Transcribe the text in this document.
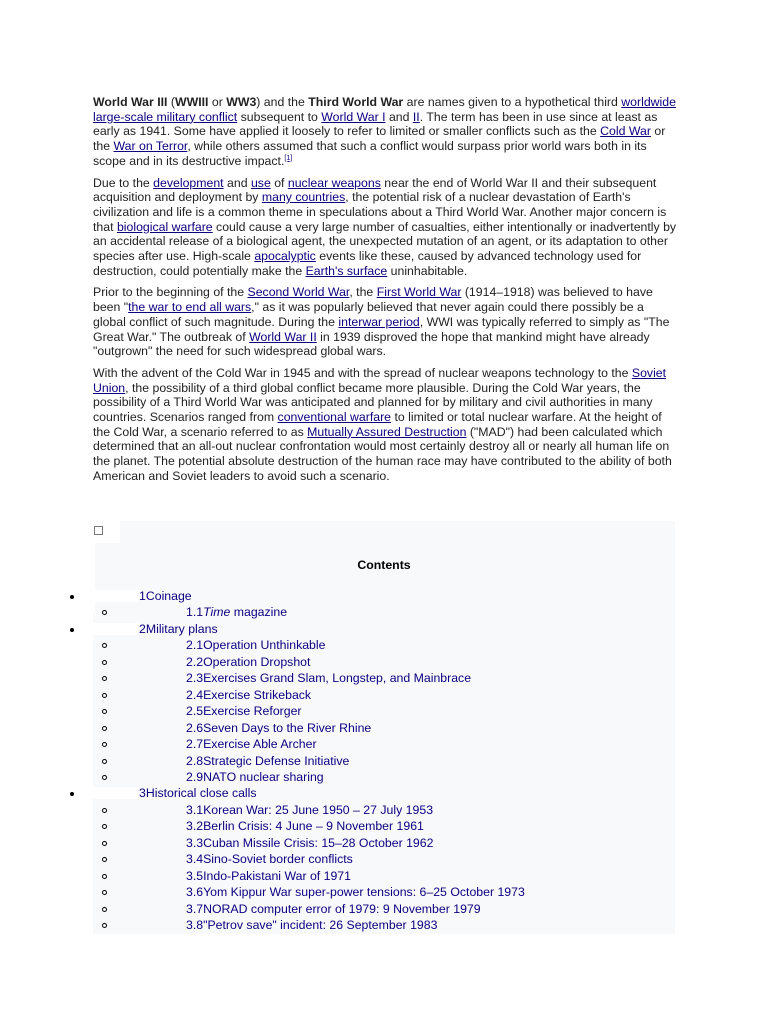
World War III (WWIII or WW3) and the Third World War are names given to a hypothetical third worldwide large-scale military conflict subsequent to World War I and II. The term has been in use since at least as early as 1941. Some have applied it loosely to refer to limited or smaller conflicts such as the Cold War or the War on Terror, while others assumed that such a conflict would surpass prior world wars both in its scope and in its destructive impact.[1]

Due to the development and use of nuclear weapons near the end of World War II and their subsequent acquisition and deployment by many countries, the potential risk of a nuclear devastation of Earth's civilization and life is a common theme in speculations about a Third World War. Another major concern is that biological warfare could cause a very large number of casualties, either intentionally or inadvertently by an accidental release of a biological agent, the unexpected mutation of an agent, or its adaptation to other species after use. High-scale apocalyptic events like these, caused by advanced technology used for destruction, could potentially make the Earth's surface uninhabitable.

Prior to the beginning of the Second World War, the First World War (1914–1918) was believed to have been "the war to end all wars," as it was popularly believed that never again could there possibly be a global conflict of such magnitude. During the interwar period, WWI was typically referred to simply as "The Great War." The outbreak of World War II in 1939 disproved the hope that mankind might have already "outgrown" the need for such widespread global wars.

With the advent of the Cold War in 1945 and with the spread of nuclear weapons technology to the Soviet Union, the possibility of a third global conflict became more plausible. During the Cold War years, the possibility of a Third World War was anticipated and planned for by military and civil authorities in many countries. Scenarios ranged from conventional warfare to limited or total nuclear warfare. At the height of the Cold War, a scenario referred to as Mutually Assured Destruction ("MAD") had been calculated which determined that an all-out nuclear confrontation would most certainly destroy all or nearly all human life on the planet. The potential absolute destruction of the human race may have contributed to the ability of both American and Soviet leaders to avoid such a scenario.

Contents
1Coinage
1.1Time magazine
2Military plans
2.1Operation Unthinkable
2.2Operation Dropshot
2.3Exercises Grand Slam, Longstep, and Mainbrace
2.4Exercise Strikeback
2.5Exercise Reforger
2.6Seven Days to the River Rhine
2.7Exercise Able Archer
2.8Strategic Defense Initiative
2.9NATO nuclear sharing
3Historical close calls
3.1Korean War: 25 June 1950 – 27 July 1953
3.2Berlin Crisis: 4 June – 9 November 1961
3.3Cuban Missile Crisis: 15–28 October 1962
3.4Sino-Soviet border conflicts
3.5Indo-Pakistani War of 1971
3.6Yom Kippur War super-power tensions: 6–25 October 1973
3.7NORAD computer error of 1979: 9 November 1979
3.8"Petrov save" incident: 26 September 1983
